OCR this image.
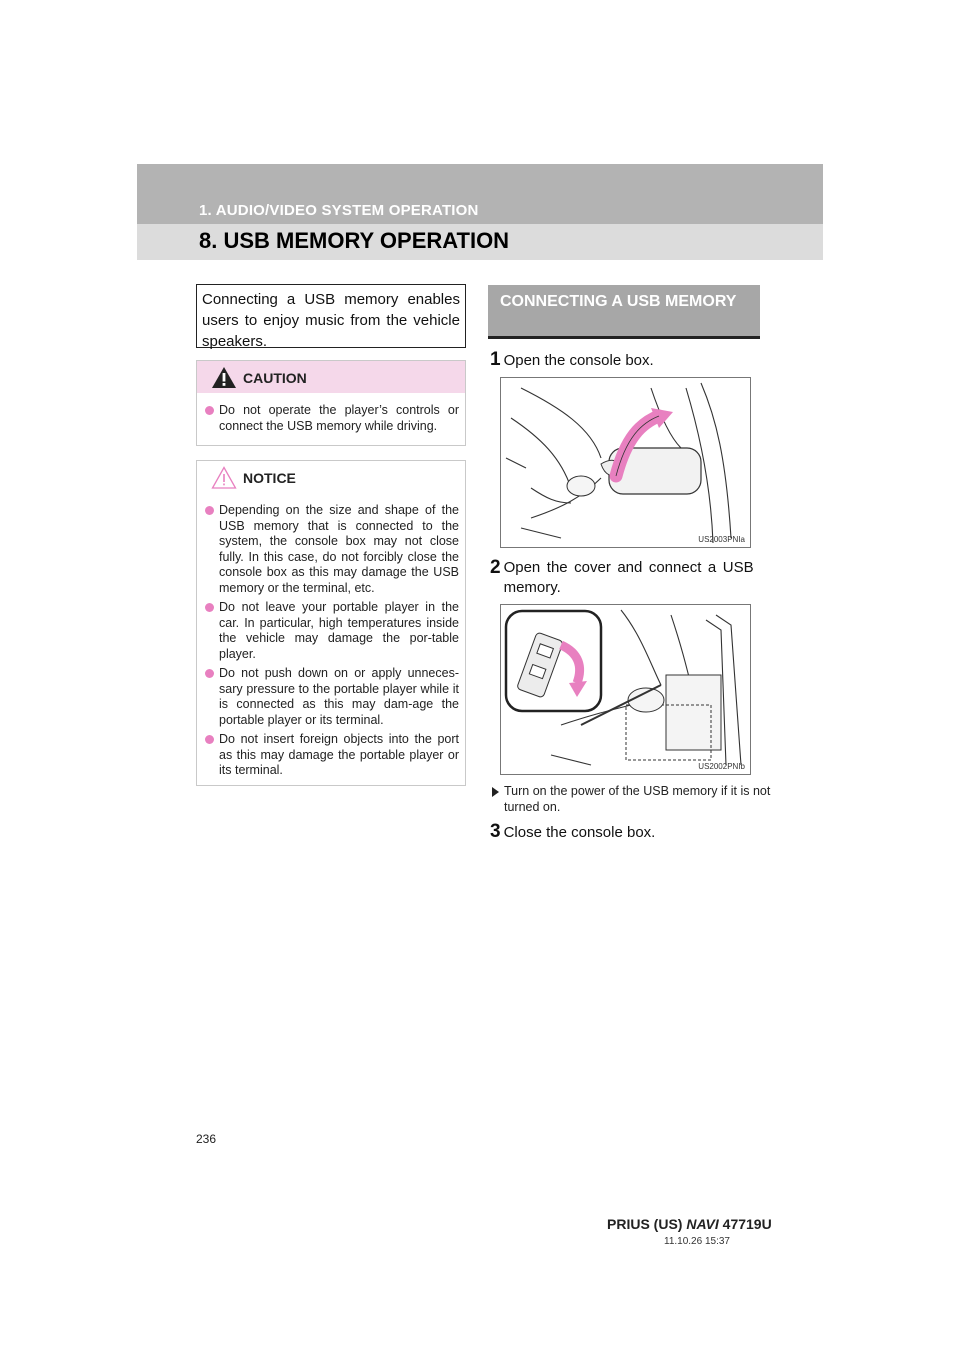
1. AUDIO/VIDEO SYSTEM OPERATION
8. USB MEMORY OPERATION

Connecting a USB memory enables users to enjoy music from the vehicle speakers.

CAUTION
Do not operate the player’s controls or connect the USB memory while driving.
NOTICE
Depending on the size and shape of the USB memory that is connected to the system, the console box may not close fully. In this case, do not forcibly close the console box as this may damage the USB memory or the terminal, etc.
Do not leave your portable player in the car. In particular, high temperatures inside the vehicle may damage the por-table player.
Do not push down on or apply unneces-sary pressure to the portable player while it is connected as this may dam-age the portable player or its terminal.
Do not insert foreign objects into the port as this may damage the portable player or its terminal.
CONNECTING A USB MEMORY
1 Open the console box.
US2003PNIa
2 Open the cover and connect a USB memory.
US2002PNIb
Turn on the power of the USB memory if it is not turned on.
3 Close the console box.
236
PRIUS (US) NAVI 47719U
11.10.26 15:37
